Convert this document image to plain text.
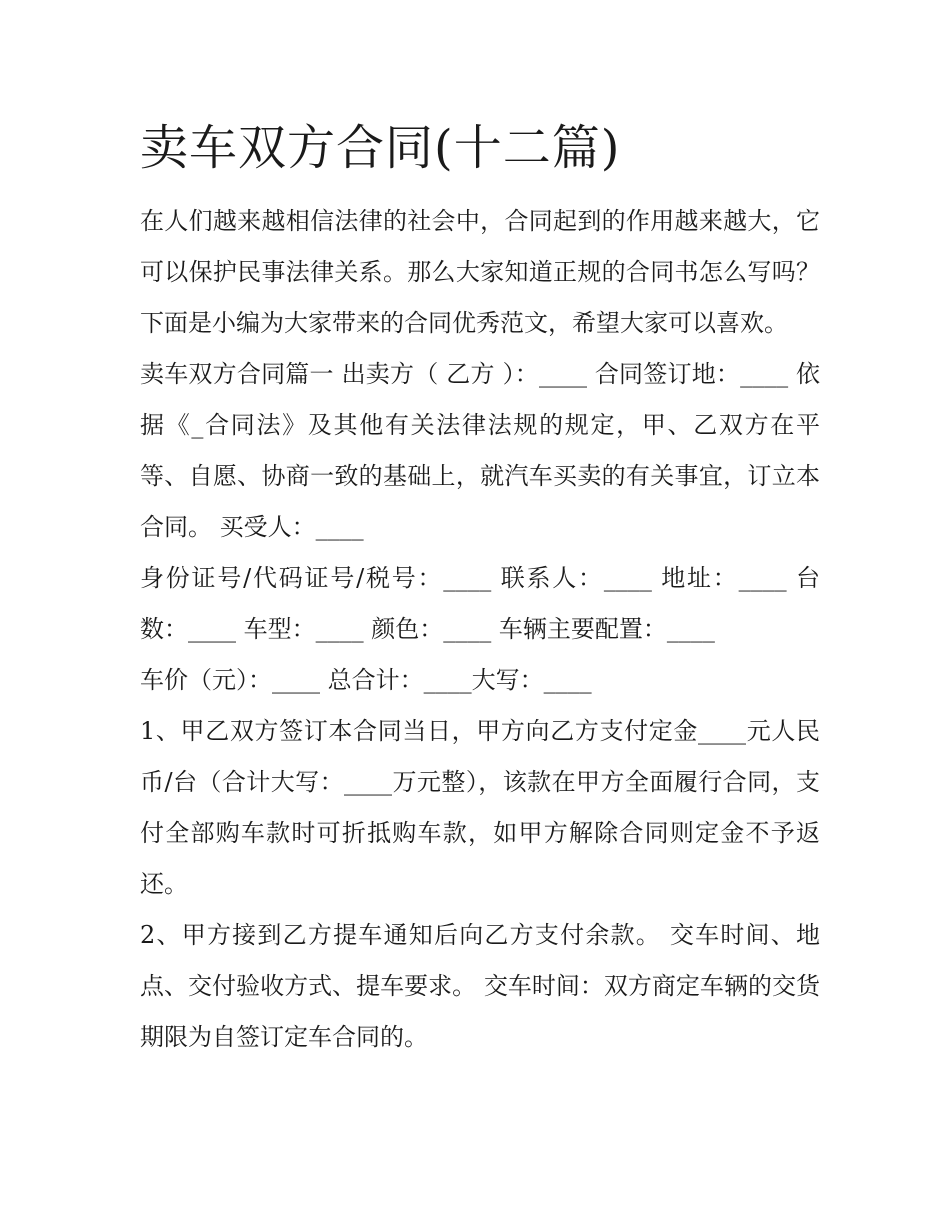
卖车双方合同(十二篇)

在人们越来越相信法律的社会中，合同起到的作用越来越大，它可以保护民事法律关系。那么大家知道正规的合同书怎么写吗？下面是小编为大家带来的合同优秀范文，希望大家可以喜欢。

卖车双方合同篇一 出卖方（ 乙方 ）：____ 合同签订地：____ 依据《_合同法》及其他有关法律法规的规定，甲、乙双方在平等、自愿、协商一致的基础上，就汽车买卖的有关事宜，订立本合同。 买受人：____

身份证号/代码证号/税号：____ 联系人：____ 地址：____ 台数：____ 车型：____ 颜色：____ 车辆主要配置：____

车价（元）：____ 总合计：____大写：____

1、甲乙双方签订本合同当日，甲方向乙方支付定金____元人民币/台（合计大写：____万元整），该款在甲方全面履行合同，支付全部购车款时可折抵购车款，如甲方解除合同则定金不予返还。

2、甲方接到乙方提车通知后向乙方支付余款。 交车时间、地点、交付验收方式、提车要求。 交车时间：双方商定车辆的交货期限为自签订定车合同的。
